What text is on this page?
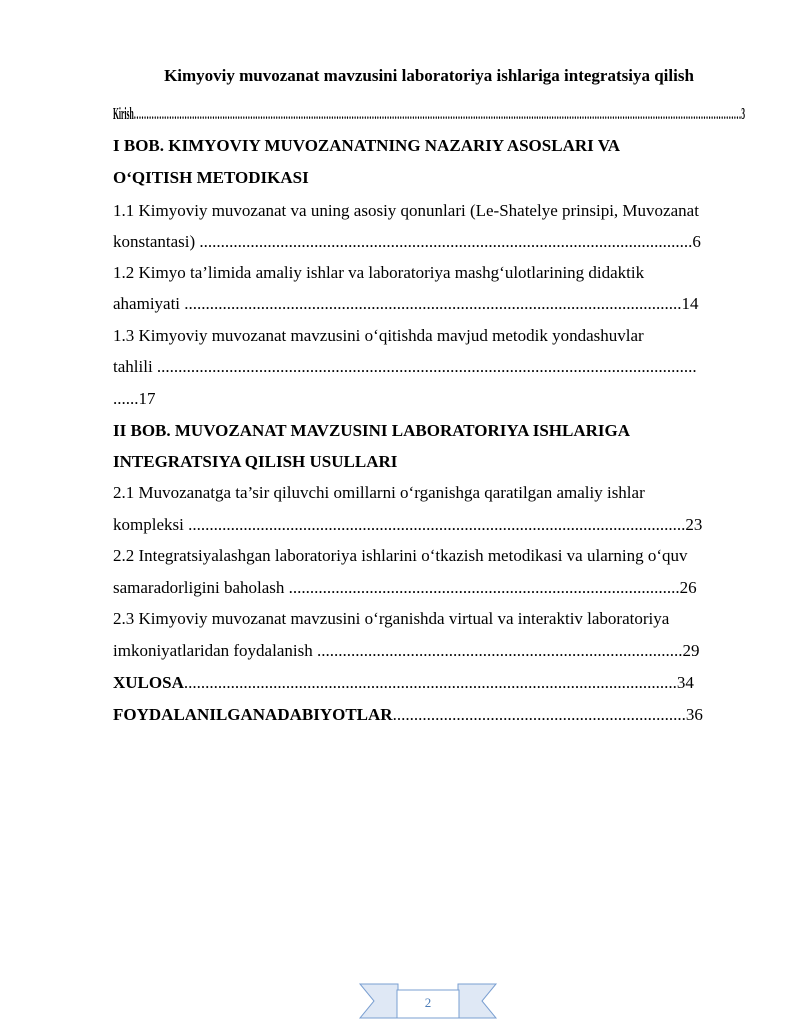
Kimyoviy muvozanat mavzusini laboratoriya ishlariga integratsiya qilish
Kirish……………………………………………………………………………………………………………………………………………………………………………………………………………………3
I BOB. KIMYOVIY MUVOZANATNING NAZARIY ASOSLARI VA
O‘QITISH METODIKASI
1.1 Kimyoviy muvozanat va uning asosiy qonunlari (Le-Shatelye prinsipi, Muvozanat
konstantasi) ....................................................................................................................6
1.2 Kimyo ta’limida amaliy ishlar va laboratoriya mashg‘ulotlarining didaktik
ahamiyati .....................................................................................................................14
1.3 Kimyoviy muvozanat mavzusini o‘qitishda mavjud metodik yondashuvlar
tahlili ...............................................................................................................................
......17
II BOB. MUVOZANAT MAVZUSINI LABORATORIYA ISHLARIGA
INTEGRATSIYA QILISH USULLARI
2.1 Muvozanatga ta’sir qiluvchi omillarni o‘rganishga qaratilgan amaliy ishlar
kompleksi .....................................................................................................................23
2.2 Integratsiyalashgan laboratoriya ishlarini o‘tkazish metodikasi va ularning o‘quv
samaradorligini baholash ............................................................................................26
2.3 Kimyoviy muvozanat mavzusini o‘rganishda virtual va interaktiv laboratoriya
imkoniyatlaridan foydalanish ......................................................................................29
XULOSA....................................................................................................................34
FOYDALANILGANADABIYOTLAR.....................................................................36
2
